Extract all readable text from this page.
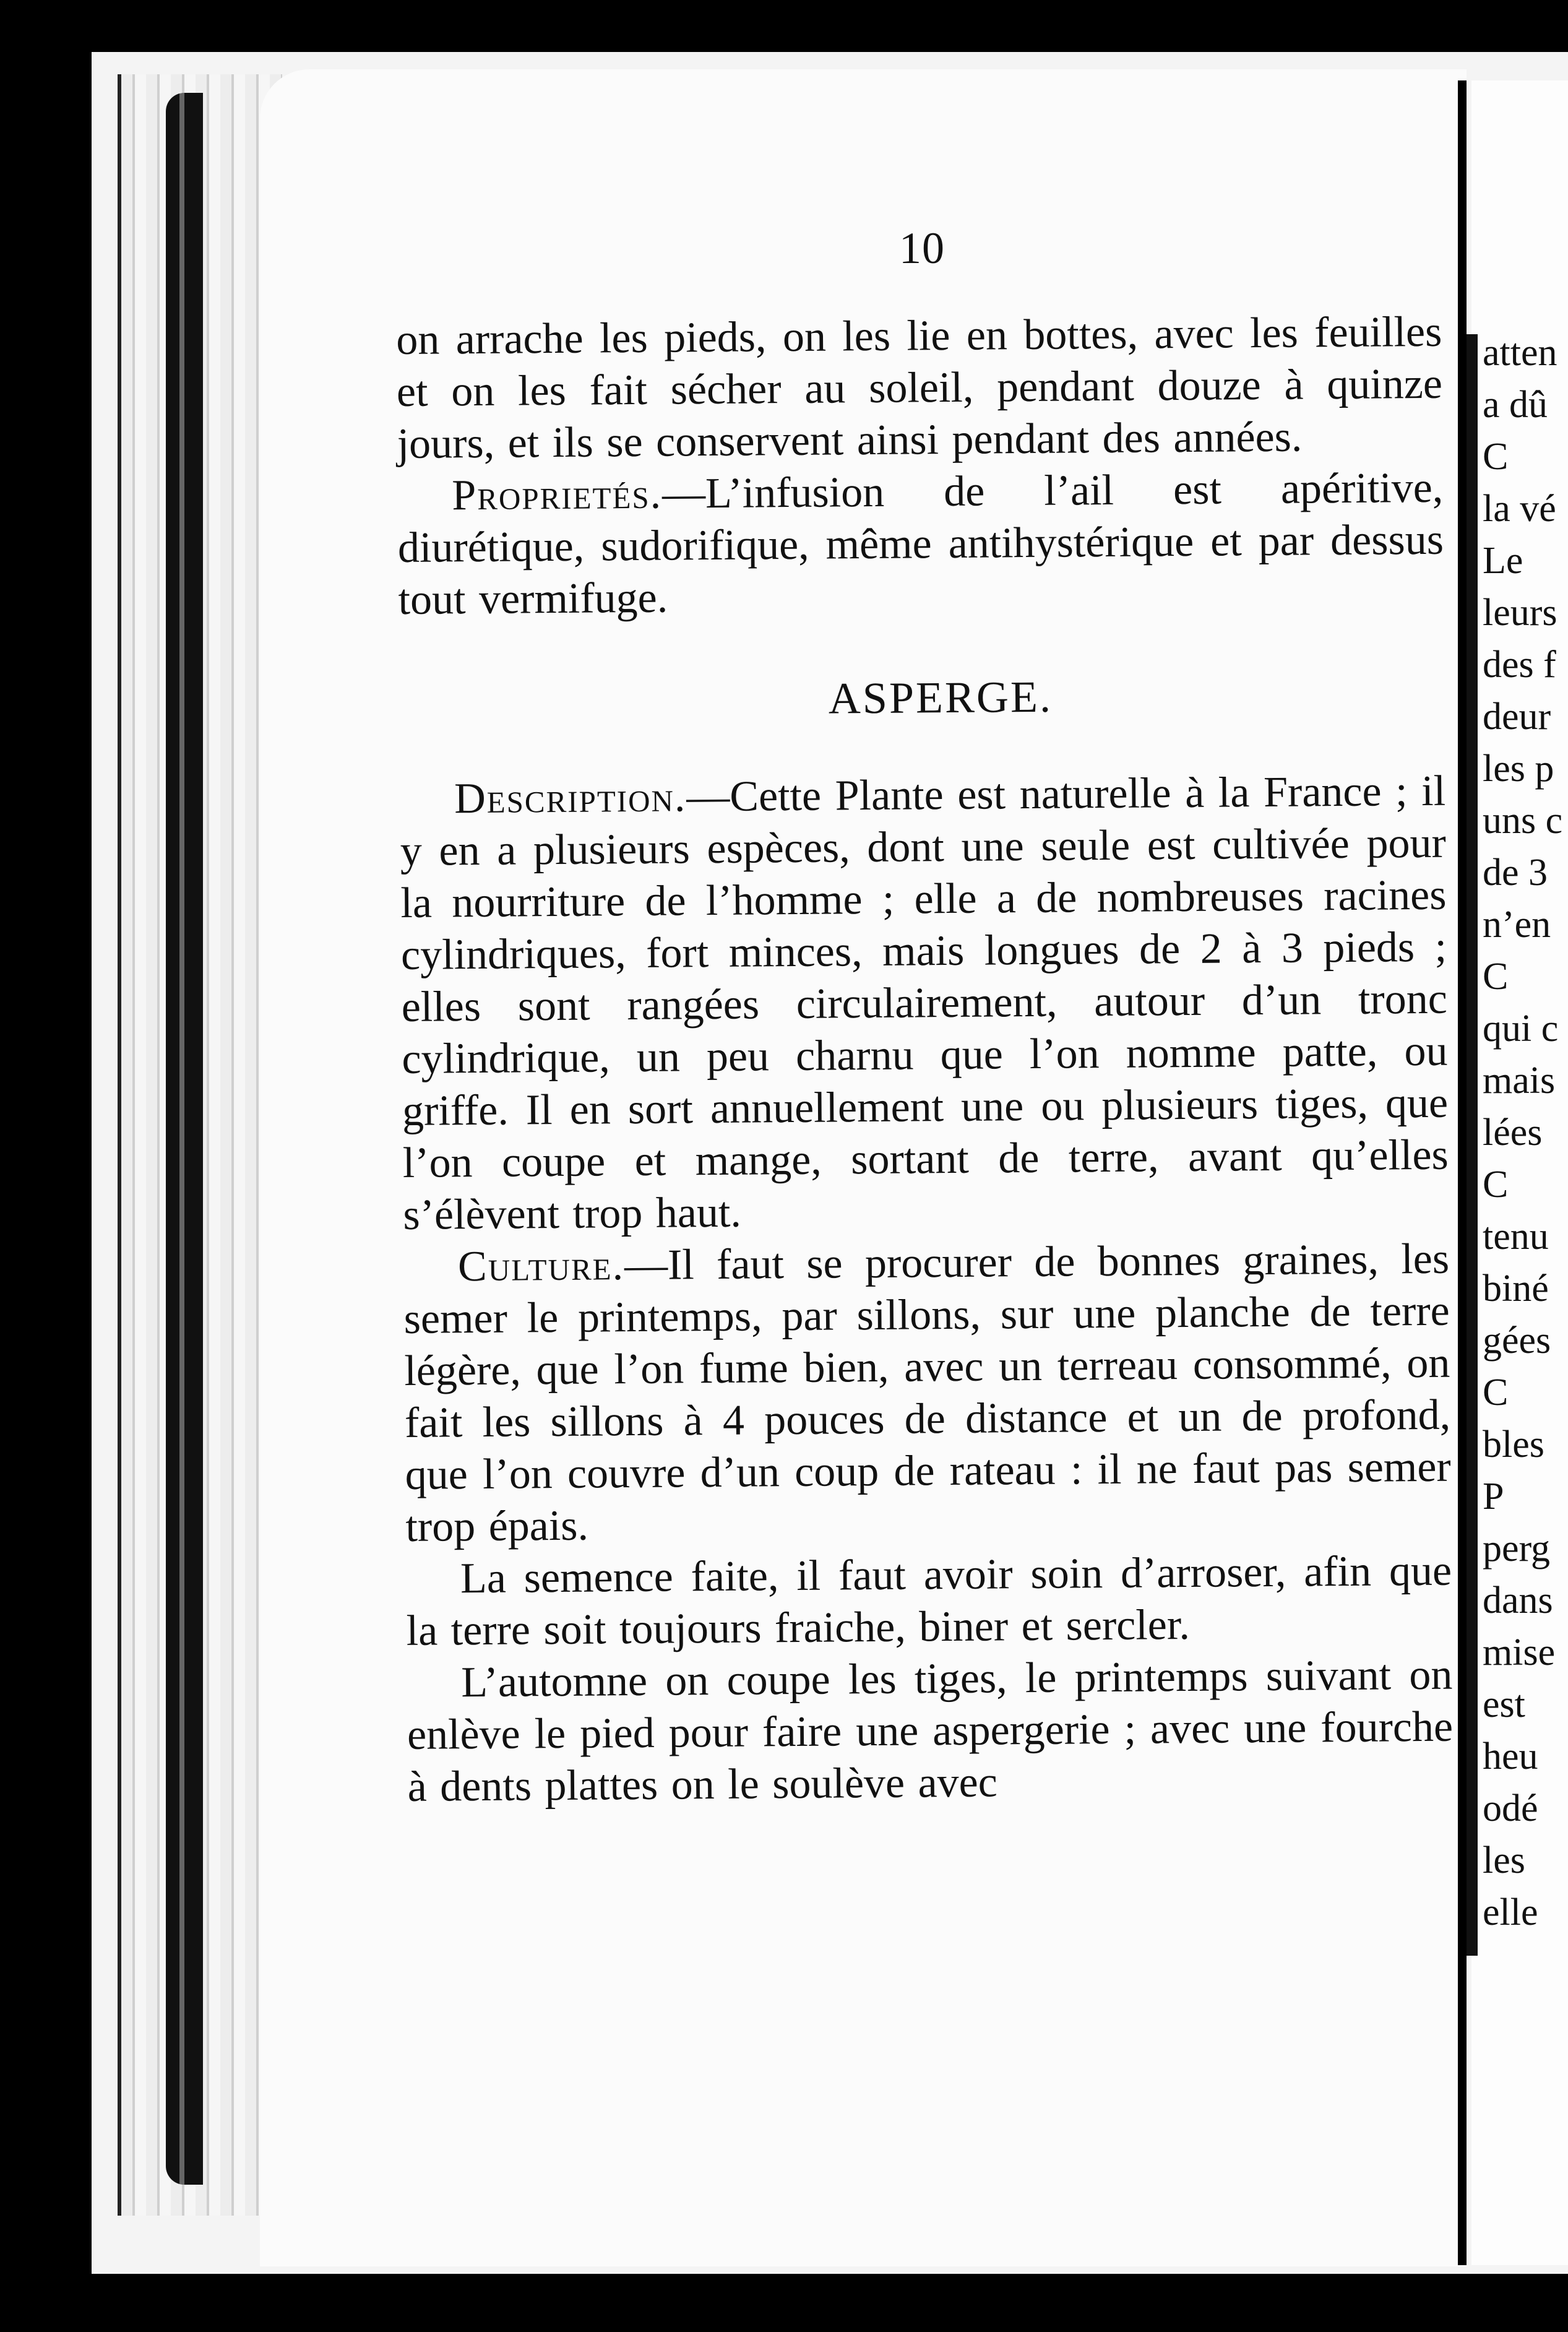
10

on arrache les pieds, on les lie en bottes, avec les feuilles et on les fait sécher au soleil, pendant douze à quinze jours, et ils se conservent ainsi pendant des années.

Proprietés.—L’infusion de l’ail est apéritive, diurétique, sudorifique, même antihystérique et par dessus tout vermifuge.

ASPERGE.

Description.—Cette Plante est naturelle à la France ; il y en a plusieurs espèces, dont une seule est cultivée pour la nourriture de l’homme ; elle a de nombreuses racines cylindriques, fort minces, mais longues de 2 à 3 pieds ; elles sont rangées circulairement, autour d’un tronc cylindrique, un peu charnu que l’on nomme patte, ou griffe. Il en sort annuellement une ou plusieurs tiges, que l’on coupe et mange, sortant de terre, avant qu’elles s’élèvent trop haut.

Culture.—Il faut se procurer de bonnes graines, les semer le printemps, par sillons, sur une planche de terre légère, que l’on fume bien, avec un terreau consommé, on fait les sillons à 4 pouces de distance et un de profond, que l’on couvre d’un coup de rateau : il ne faut pas semer trop épais.

La semence faite, il faut avoir soin d’arroser, afin que la terre soit toujours fraiche, biner et sercler.

L’automne on coupe les tiges, le printemps suivant on enlève le pied pour faire une aspergerie ; avec une fourche à dents plattes on le soulève avec

atten
a dû
C
la vé
Le
leurs
des f
deur
les p
uns c
de 3
n’en
C
qui c
mais
lées
C
tenu
biné
gées
C
bles
P
perg
dans
mise
est
heu
odé
les
elle
